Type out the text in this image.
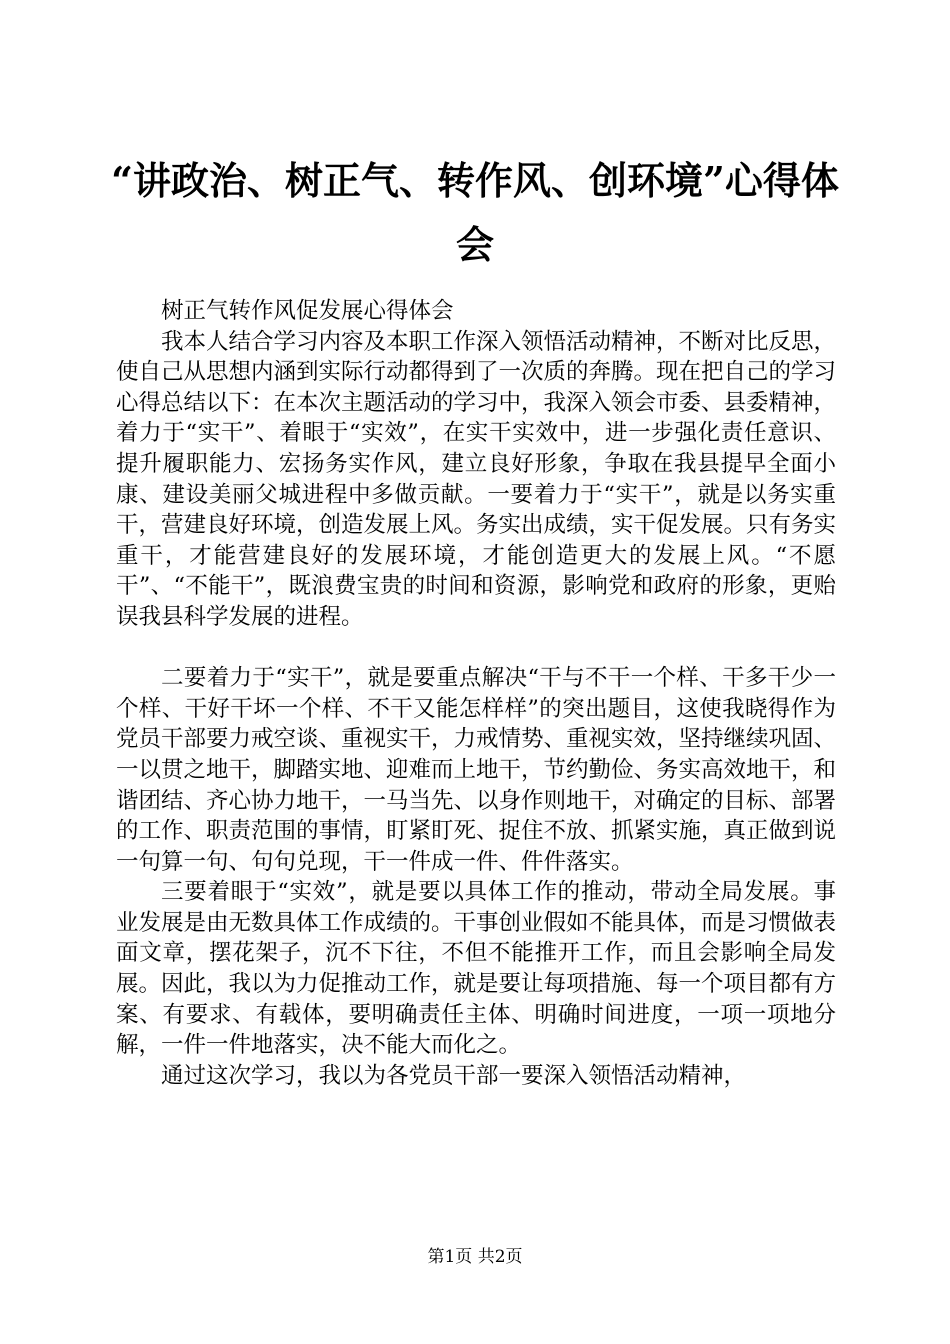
“讲政治、树正气、转作风、创环境”心得体
会

树正气转作风促发展心得体会

我本人结合学习内容及本职工作深入领悟活动精神，不断对比反思，使自己从思想内涵到实际行动都得到了一次质的奔腾。现在把自己的学习心得总结以下：在本次主题活动的学习中，我深入领会市委、县委精神，着力于“实干”、着眼于“实效”，在实干实效中，进一步强化责任意识、提升履职能力、宏扬务实作风，建立良好形象，争取在我县提早全面小康、建设美丽父城进程中多做贡献。一要着力于“实干”，就是以务实重干，营建良好环境，创造发展上风。务实出成绩，实干促发展。只有务实重干，才能营建良好的发展环境，才能创造更大的发展上风。“不愿干”、“不能干”，既浪费宝贵的时间和资源，影响党和政府的形象，更贻误我县科学发展的进程。

二要着力于“实干”，就是要重点解决“干与不干一个样、干多干少一个样、干好干坏一个样、不干又能怎样样”的突出题目，这使我晓得作为党员干部要力戒空谈、重视实干，力戒情势、重视实效，坚持继续巩固、一以贯之地干，脚踏实地、迎难而上地干，节约勤俭、务实高效地干，和谐团结、齐心协力地干，一马当先、以身作则地干，对确定的目标、部署的工作、职责范围的事情，盯紧盯死、捉住不放、抓紧实施，真正做到说一句算一句、句句兑现，干一件成一件、件件落实。

三要着眼于“实效”，就是要以具体工作的推动，带动全局发展。事业发展是由无数具体工作成绩的。干事创业假如不能具体，而是习惯做表面文章，摆花架子，沉不下往，不但不能推开工作，而且会影响全局发展。因此，我以为力促推动工作，就是要让每项措施、每一个项目都有方案、有要求、有载体，要明确责任主体、明确时间进度，一项一项地分解，一件一件地落实，决不能大而化之。

通过这次学习，我以为各党员干部一要深入领悟活动精神，

第1页 共2页
